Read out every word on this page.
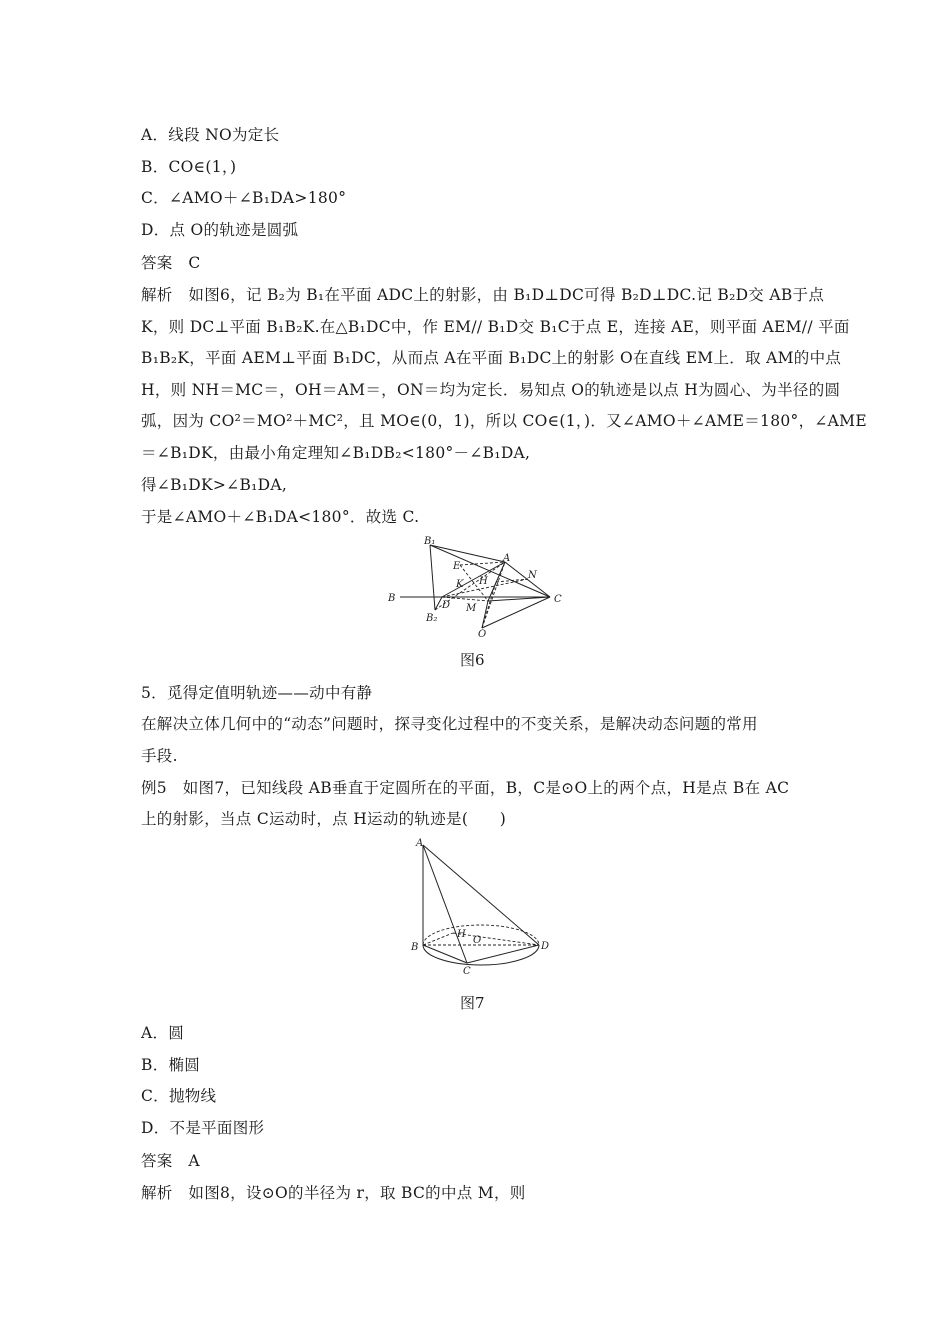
A．线段 NO为定长
B．CO∈(1，)
C．∠AMO＋∠B₁DA>180°
D．点 O的轨迹是圆弧
答案　C
解析　如图6，记 B₂为 B₁在平面 ADC上的射影，由 B₁D⊥DC可得 B₂D⊥DC.记 B₂D交 AB于点
K，则 DC⊥平面 B₁B₂K.在△B₁DC中，作 EM// B₁D交 B₁C于点 E，连接 AE，则平面 AEM// 平面
B₁B₂K，平面 AEM⊥平面 B₁DC，从而点 A在平面 B₁DC上的射影 O在直线 EM上．取 AM的中点
H，则 NH＝MC＝，OH＝AM＝，ON＝均为定长．易知点 O的轨迹是以点 H为圆心、为半径的圆
弧，因为 CO²＝MO²＋MC²，且 MO∈(0，1)，所以 CO∈(1，)．又∠AMO＋∠AME＝180°，∠AME
＝∠B₁DK，由最小角定理知∠B₁DB₂<180°－∠B₁DA,
得∠B₁DK>∠B₁DA,
于是∠AMO＋∠B₁DA<180°．故选 C.
B₁
A
E
H
K
N
B
D M
C
B₂
O
图6
5．觅得定值明轨迹——动中有静
在解决立体几何中的“动态”问题时，探寻变化过程中的不变关系，是解决动态问题的常用
手段.
例5　如图7，已知线段 AB垂直于定圆所在的平面，B，C是⊙O上的两个点，H是点 B在 AC
上的射影，当点 C运动时，点 H运动的轨迹是(　　)
A
H
O
B	D
C
图7
A．圆
B．椭圆
C．抛物线
D．不是平面图形
答案　A
解析　如图8，设⊙O的半径为 r，取 BC的中点 M，则
